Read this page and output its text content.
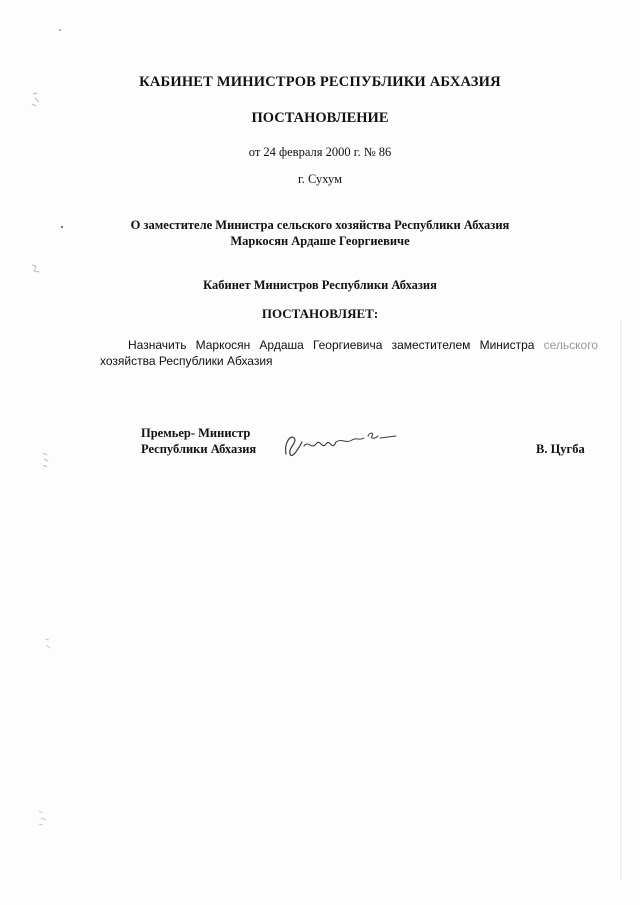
КАБИНЕТ МИНИСТРОВ РЕСПУБЛИКИ АБХАЗИЯ
ПОСТАНОВЛЕНИЕ
от 24 февраля 2000 г. № 86
г. Сухум
О заместителе Министра сельского хозяйства Республики Абхазия
Маркосян Ардаше Георгиевиче
Кабинет Министров Республики Абхазия
ПОСТАНОВЛЯЕТ:
Назначить Маркосян Ардаша Георгиевича заместителем Министра сельского
хозяйства Республики Абхазия
Премьер- Министр
Республики Абхазия	В. Цугба
